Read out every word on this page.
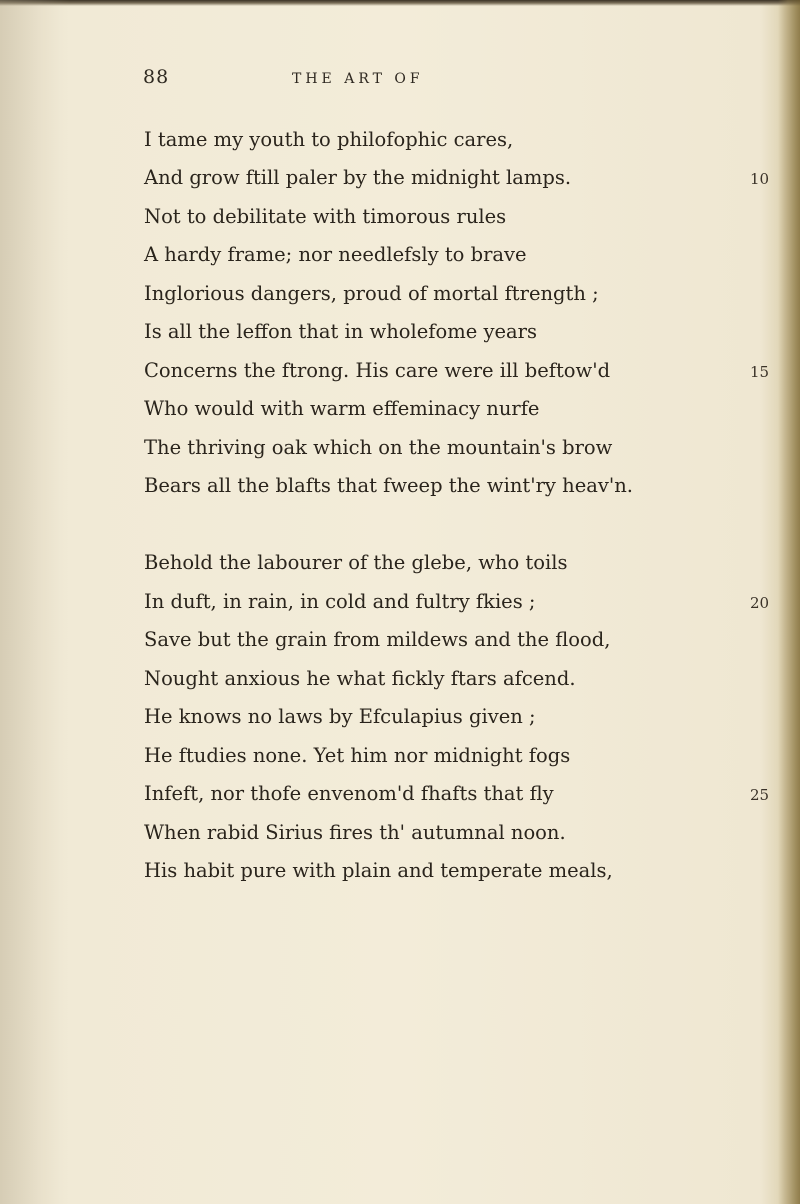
88	THE ART OF
I tame my youth to philofophic cares,
And grow ftill paler by the midnight lamps.
Not to debilitate with timorous rules
A hardy frame; nor needlefsly to brave
Inglorious dangers, proud of mortal ftrength ;
Is all the leffon that in wholefome years
Concerns the ftrong. His care were ill beftow'd
Who would with warm effeminacy nurfe
The thriving oak which on the mountain's brow
Bears all the blafts that fweep the wint'ry heav'n.
Behold the labourer of the glebe, who toils
In duft, in rain, in cold and fultry fkies ;
Save but the grain from mildews and the flood,
Nought anxious he what fickly ftars afcend.
He knows no laws by Efculapius given ;
He ftudies none. Yet him nor midnight fogs
Infeft, nor thofe envenom'd fhafts that fly
When rabid Sirius fires th' autumnal noon.
His habit pure with plain and temperate meals,
10
15
20
25
